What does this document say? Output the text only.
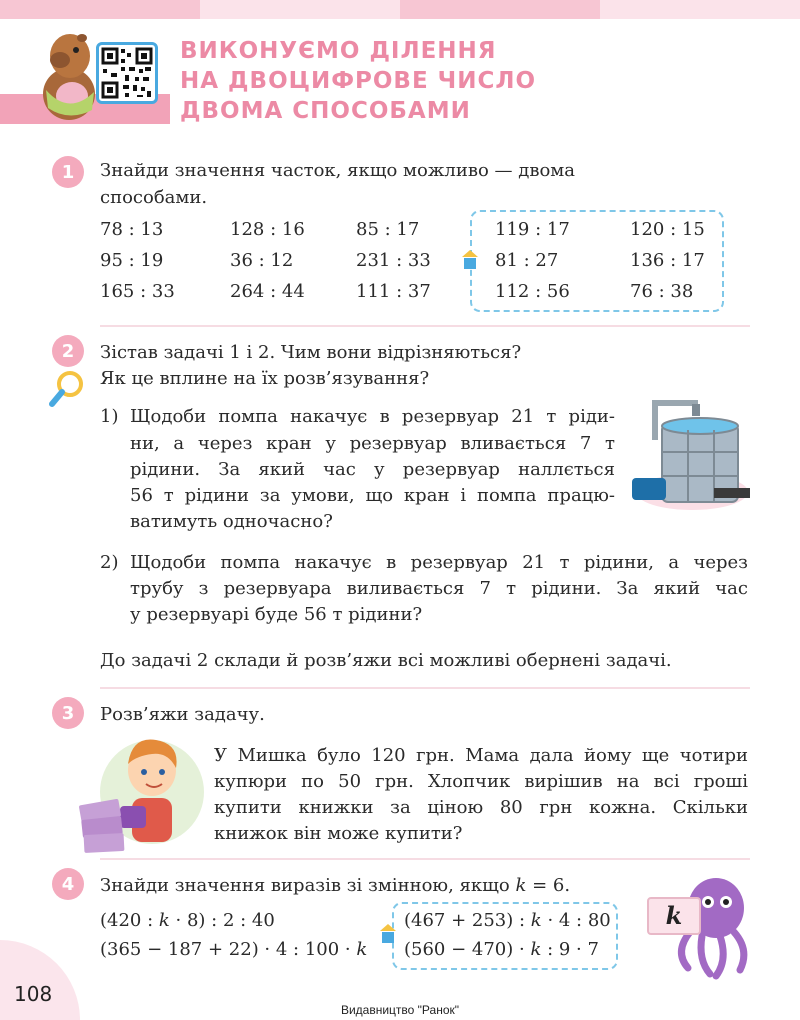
ВИКОНУЄМО ДІЛЕННЯ
НА ДВОЦИФРОВЕ ЧИСЛО
ДВОМА СПОСОБАМИ
1	Знайди значення часток, якщо можливо — двома
способами.
78 : 13	128 : 16	85 : 17	119 : 17	120 : 15
95 : 19	36 : 12	231 : 33	81 : 27	136 : 17
165 : 33	264 : 44	111 : 37	112 : 56	76 : 38
2	Зістав задачі 1 і 2. Чим вони відрізняються?
Як це вплине на їх розв’язування?
1) Щодоби помпа накачує в резервуар 21 т ріди-
ни, а через кран у резервуар вливається 7 т
рідини. За який час у резервуар наллється
56 т рідини за умови, що кран і помпа працю-
ватимуть одночасно?
2) Щодоби помпа накачує в резервуар 21 т рідини, а через
трубу з резервуара виливається 7 т рідини. За який час
у резервуарі буде 56 т рідини?
До задачі 2 склади й розв’яжи всі можливі обернені задачі.
3	Розв’яжи задачу.
У Мишка було 120 грн. Мама дала йому ще чотири
купюри по 50 грн. Хлопчик вирішив на всі гроші
купити книжки за ціною 80 грн кожна. Скільки
книжок він може купити?
4	Знайди значення виразів зі змінною, якщо k = 6.
(420 : k · 8) : 2 : 40
(365 − 187 + 22) · 4 : 100 · k
(467 + 253) : k · 4 : 80
(560 − 470) · k : 9 · 7
k
108
Видавництво "Ранок"
